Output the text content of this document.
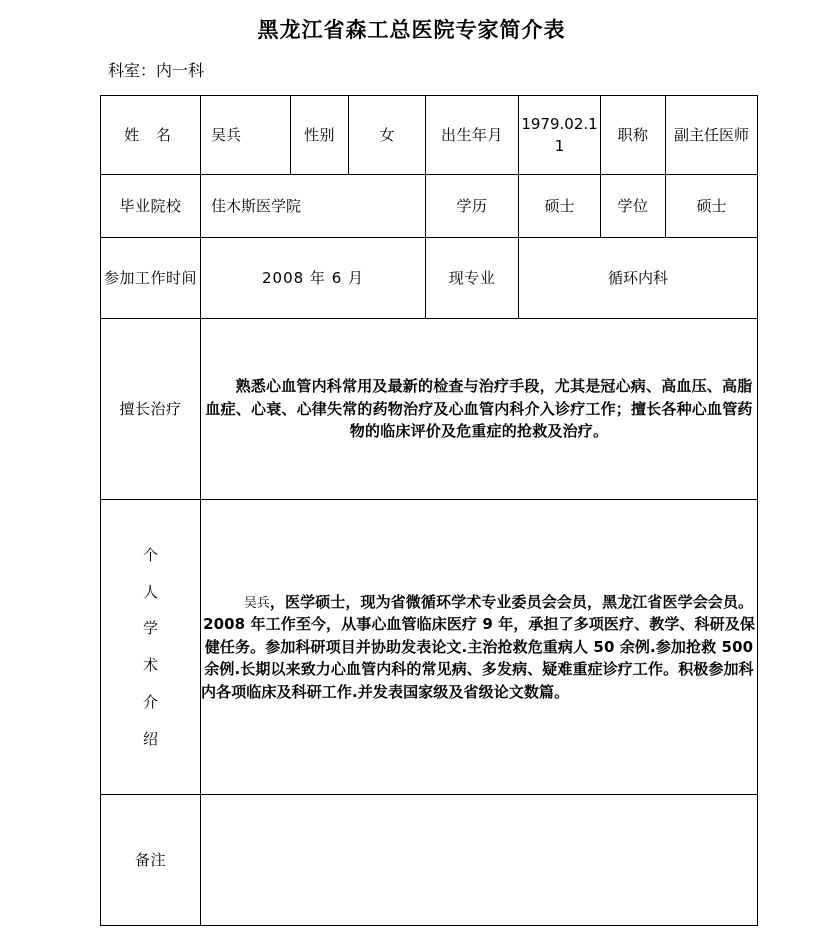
黑龙江省森工总医院专家简介表
科室：内一科
姓 名	吴兵	性别	女	出生年月	1979.02.11	职称	副主任医师
毕业院校	佳木斯医学院			学历	硕士	学位	硕士
参加工作时间	2008 年 6 月			现专业	循环内科		
擅长治疗	熟悉心血管内科常用及最新的检查与治疗手段，尤其是冠心病、高血压、高脂血症、心衰、心律失常的药物治疗及心血管内科介入诊疗工作；擅长各种心血管药物的临床评价及危重症的抢救及治疗。						

个
人
学
术
介
绍
	吴兵，医学硕士，现为省微循环学术专业委员会会员，黑龙江省医学会会员。2008 年工作至今，从事心血管临床医疗 9 年，承担了多项医疗、教学、科研及保健任务。参加科研项目并协助发表论文.主治抢救危重病人 50 余例.参加抢救 500 余例.长期以来致力心血管内科的常见病、多发病、疑难重症诊疗工作。积极参加科内各项临床及科研工作.并发表国家级及省级论文数篇。
备注							
